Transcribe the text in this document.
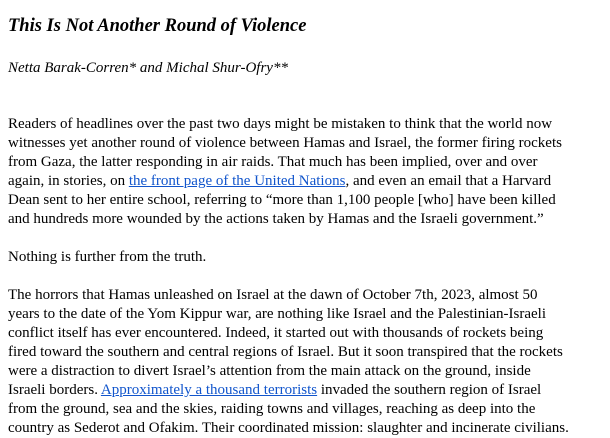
This Is Not Another Round of Violence

Netta Barak-Corren* and Michal Shur-Ofry**

Readers of headlines over the past two days might be mistaken to think that the world now

witnesses yet another round of violence between Hamas and Israel, the former firing rockets

from Gaza, the latter responding in air raids. That much has been implied, over and over

again, in stories, on the front page of the United Nations, and even an email that a Harvard

Dean sent to her entire school, referring to “more than 1,100 people [who] have been killed

and hundreds more wounded by the actions taken by Hamas and the Israeli government.”

Nothing is further from the truth.

The horrors that Hamas unleashed on Israel at the dawn of October 7th, 2023, almost 50

years to the date of the Yom Kippur war, are nothing like Israel and the Palestinian-Israeli

conflict itself has ever encountered. Indeed, it started out with thousands of rockets being

fired toward the southern and central regions of Israel. But it soon transpired that the rockets

were a distraction to divert Israel’s attention from the main attack on the ground, inside

Israeli borders. Approximately a thousand terrorists invaded the southern region of Israel

from the ground, sea and the skies, raiding towns and villages, reaching as deep into the

country as Sederot and Ofakim. Their coordinated mission: slaughter and incinerate civilians.
